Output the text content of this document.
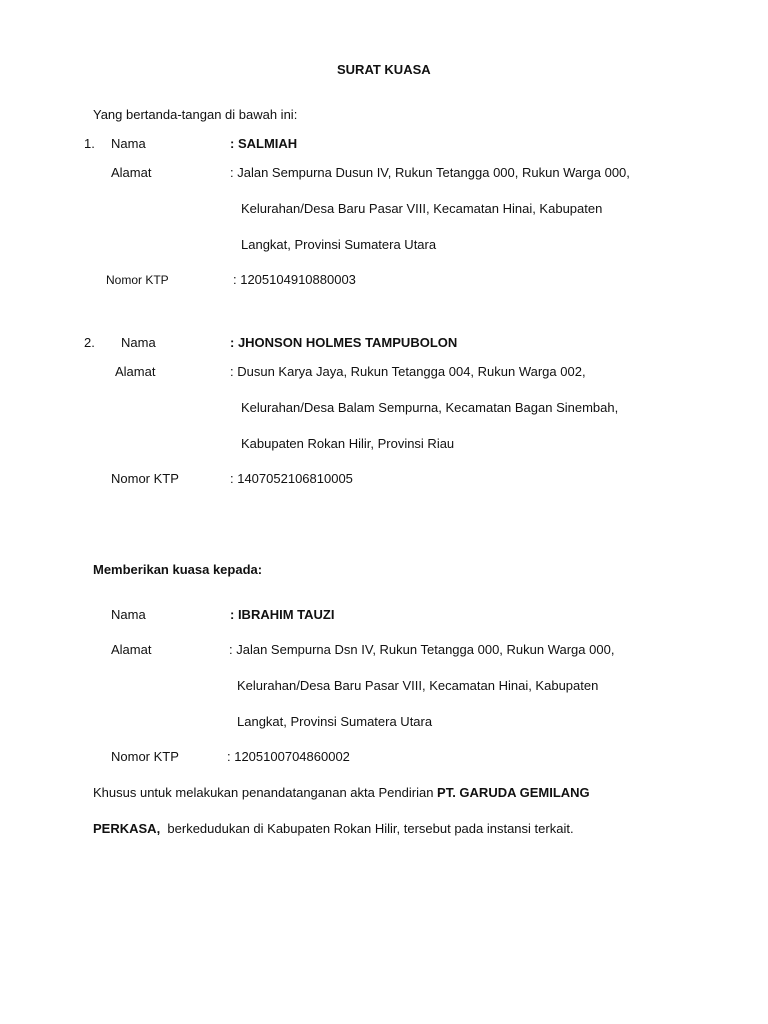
SURAT KUASA
Yang bertanda-tangan di bawah ini:
1. Nama	: SALMIAH
Alamat	: Jalan Sempurna Dusun IV, Rukun Tetangga 000, Rukun Warga 000,
Kelurahan/Desa Baru Pasar VIII, Kecamatan Hinai, Kabupaten
Langkat, Provinsi Sumatera Utara
Nomor KTP	: 1205104910880003
2. Nama	: JHONSON HOLMES TAMPUBOLON
Alamat	: Dusun Karya Jaya, Rukun Tetangga 004, Rukun Warga 002,
Kelurahan/Desa Balam Sempurna, Kecamatan Bagan Sinembah,
Kabupaten Rokan Hilir, Provinsi Riau
Nomor KTP	: 1407052106810005
Memberikan kuasa kepada:
Nama	: IBRAHIM TAUZI
Alamat	: Jalan Sempurna Dsn IV, Rukun Tetangga 000, Rukun Warga 000,
Kelurahan/Desa Baru Pasar VIII, Kecamatan Hinai, Kabupaten
Langkat, Provinsi Sumatera Utara
Nomor KTP	: 1205100704860002
Khusus untuk melakukan penandatanganan akta Pendirian PT. GARUDA GEMILANG
PERKASA,  berkedudukan di Kabupaten Rokan Hilir, tersebut pada instansi terkait.
